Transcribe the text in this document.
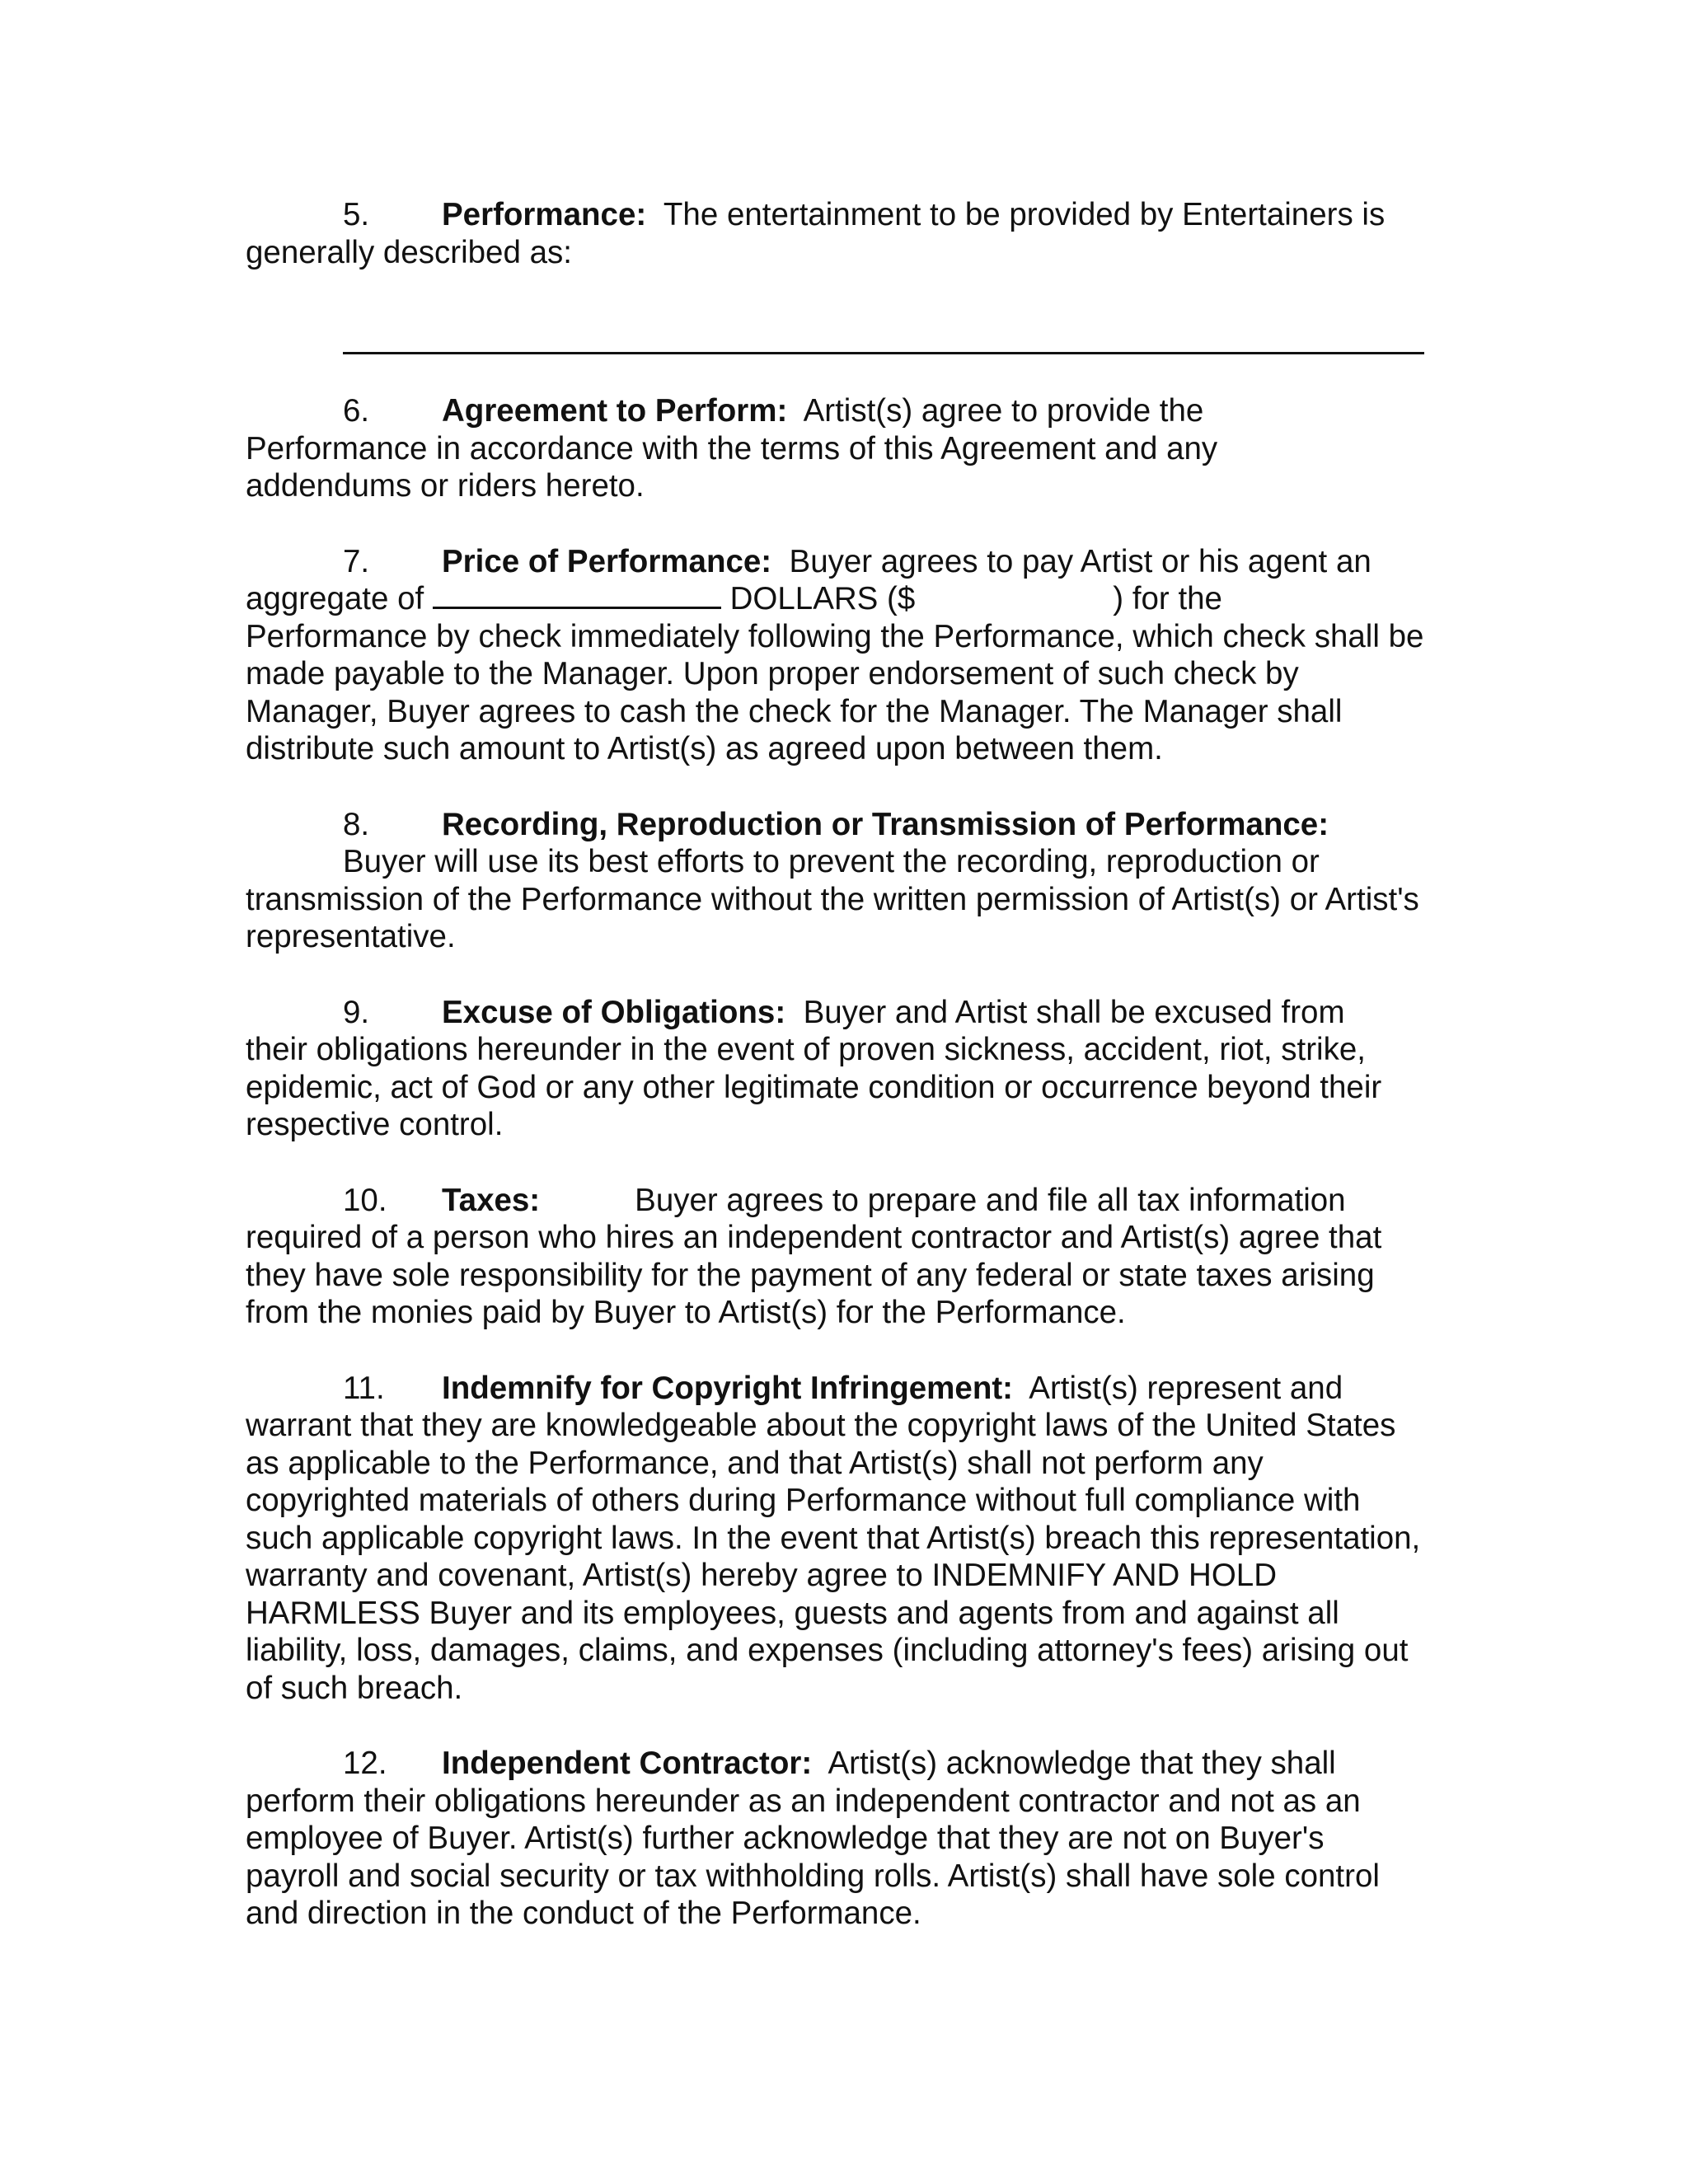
5. Performance: The entertainment to be provided by Entertainers is
generally described as:

6. Agreement to Perform: Artist(s) agree to provide the
Performance in accordance with the terms of this Agreement and any addendums or riders hereto.

7. Price of Performance: Buyer agrees to pay Artist or his agent an
aggregate of	DOLLARS ($	) for the
Performance by check immediately following the Performance, which check shall be made payable to the Manager. Upon proper endorsement of such check by Manager, Buyer agrees to cash the check for the Manager. The Manager shall distribute such amount to Artist(s) as agreed upon between them.

8. Recording, Reproduction or Transmission of Performance:
Buyer will use its best efforts to prevent the recording, reproduction or
transmission of the Performance without the written permission of Artist(s) or Artist's representative.

9. Excuse of Obligations: Buyer and Artist shall be excused from
their obligations hereunder in the event of proven sickness, accident, riot, strike, epidemic, act of God or any other legitimate condition or occurrence beyond their respective control.

10. Taxes:	Buyer agrees to prepare and file all tax information
required of a person who hires an independent contractor and Artist(s) agree that they have sole responsibility for the payment of any federal or state taxes arising from the monies paid by Buyer to Artist(s) for the Performance.

11. Indemnify for Copyright Infringement: Artist(s) represent and
warrant that they are knowledgeable about the copyright laws of the United States as applicable to the Performance, and that Artist(s) shall not perform any copyrighted materials of others during Performance without full compliance with such applicable copyright laws. In the event that Artist(s) breach this representation, warranty and covenant, Artist(s) hereby agree to INDEMNIFY AND HOLD HARMLESS Buyer and its employees, guests and agents from and against all liability, loss, damages, claims, and expenses (including attorney's fees) arising out of such breach.

12. Independent Contractor: Artist(s) acknowledge that they shall
perform their obligations hereunder as an independent contractor and not as an employee of Buyer. Artist(s) further acknowledge that they are not on Buyer's payroll and social security or tax withholding rolls. Artist(s) shall have sole control and direction in the conduct of the Performance.
